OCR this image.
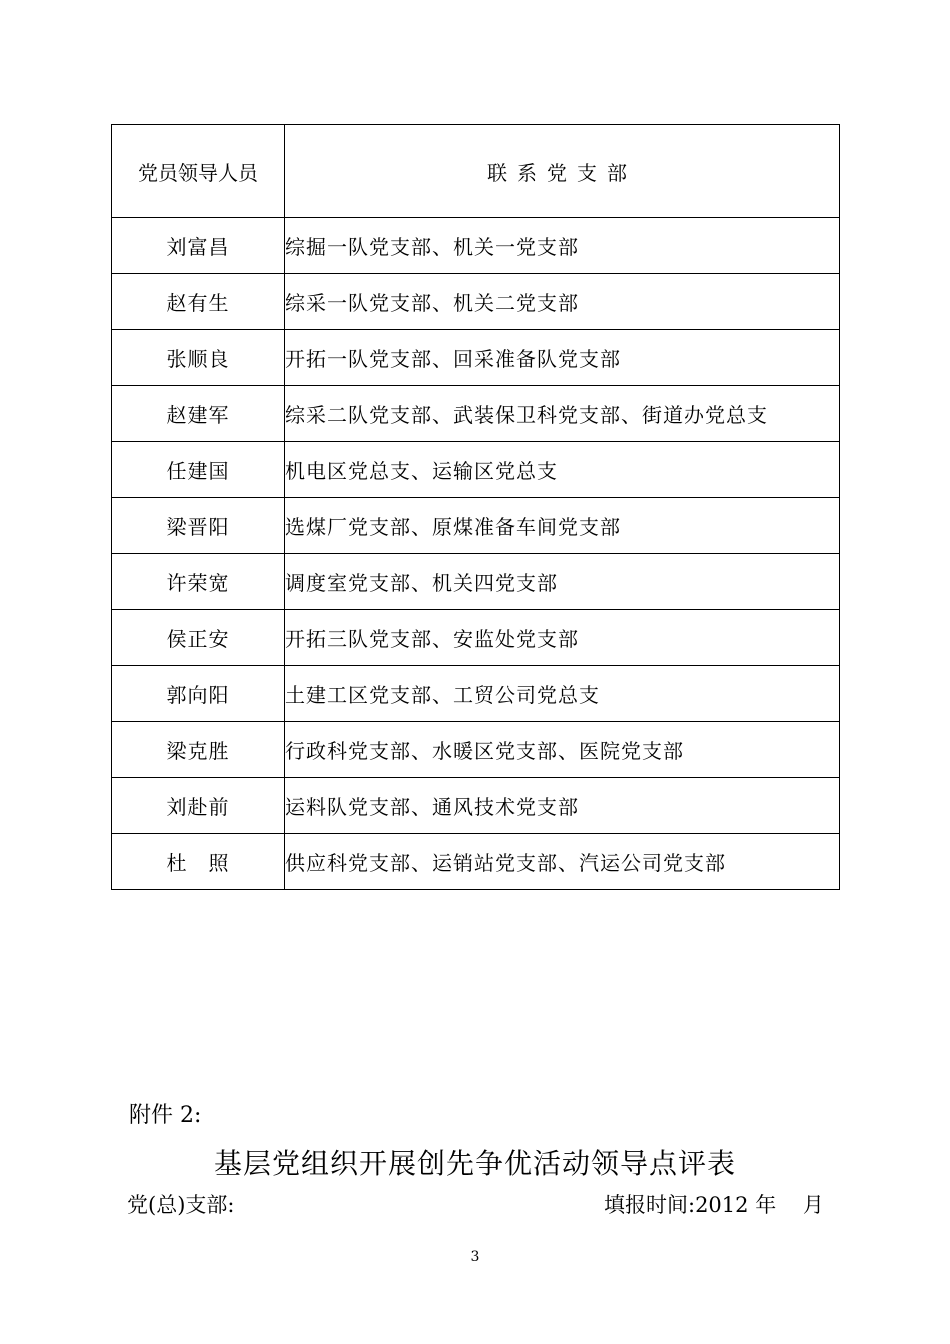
党员领导人员	联系党支部
刘富昌	综掘一队党支部、机关一党支部
赵有生	综采一队党支部、机关二党支部
张顺良	开拓一队党支部、回采准备队党支部
赵建军	综采二队党支部、武装保卫科党支部、街道办党总支
任建国	机电区党总支、运输区党总支
梁晋阳	选煤厂党支部、原煤准备车间党支部
许荣宽	调度室党支部、机关四党支部
侯正安	开拓三队党支部、安监处党支部
郭向阳	土建工区党支部、工贸公司党总支
梁克胜	行政科党支部、水暖区党支部、医院党支部
刘赴前	运料队党支部、通风技术党支部
杜　照	供应科党支部、运销站党支部、汽运公司党支部
附件 2:
基层党组织开展创先争优活动领导点评表
党(总)支部:	填报时间:2012 年    月
3
